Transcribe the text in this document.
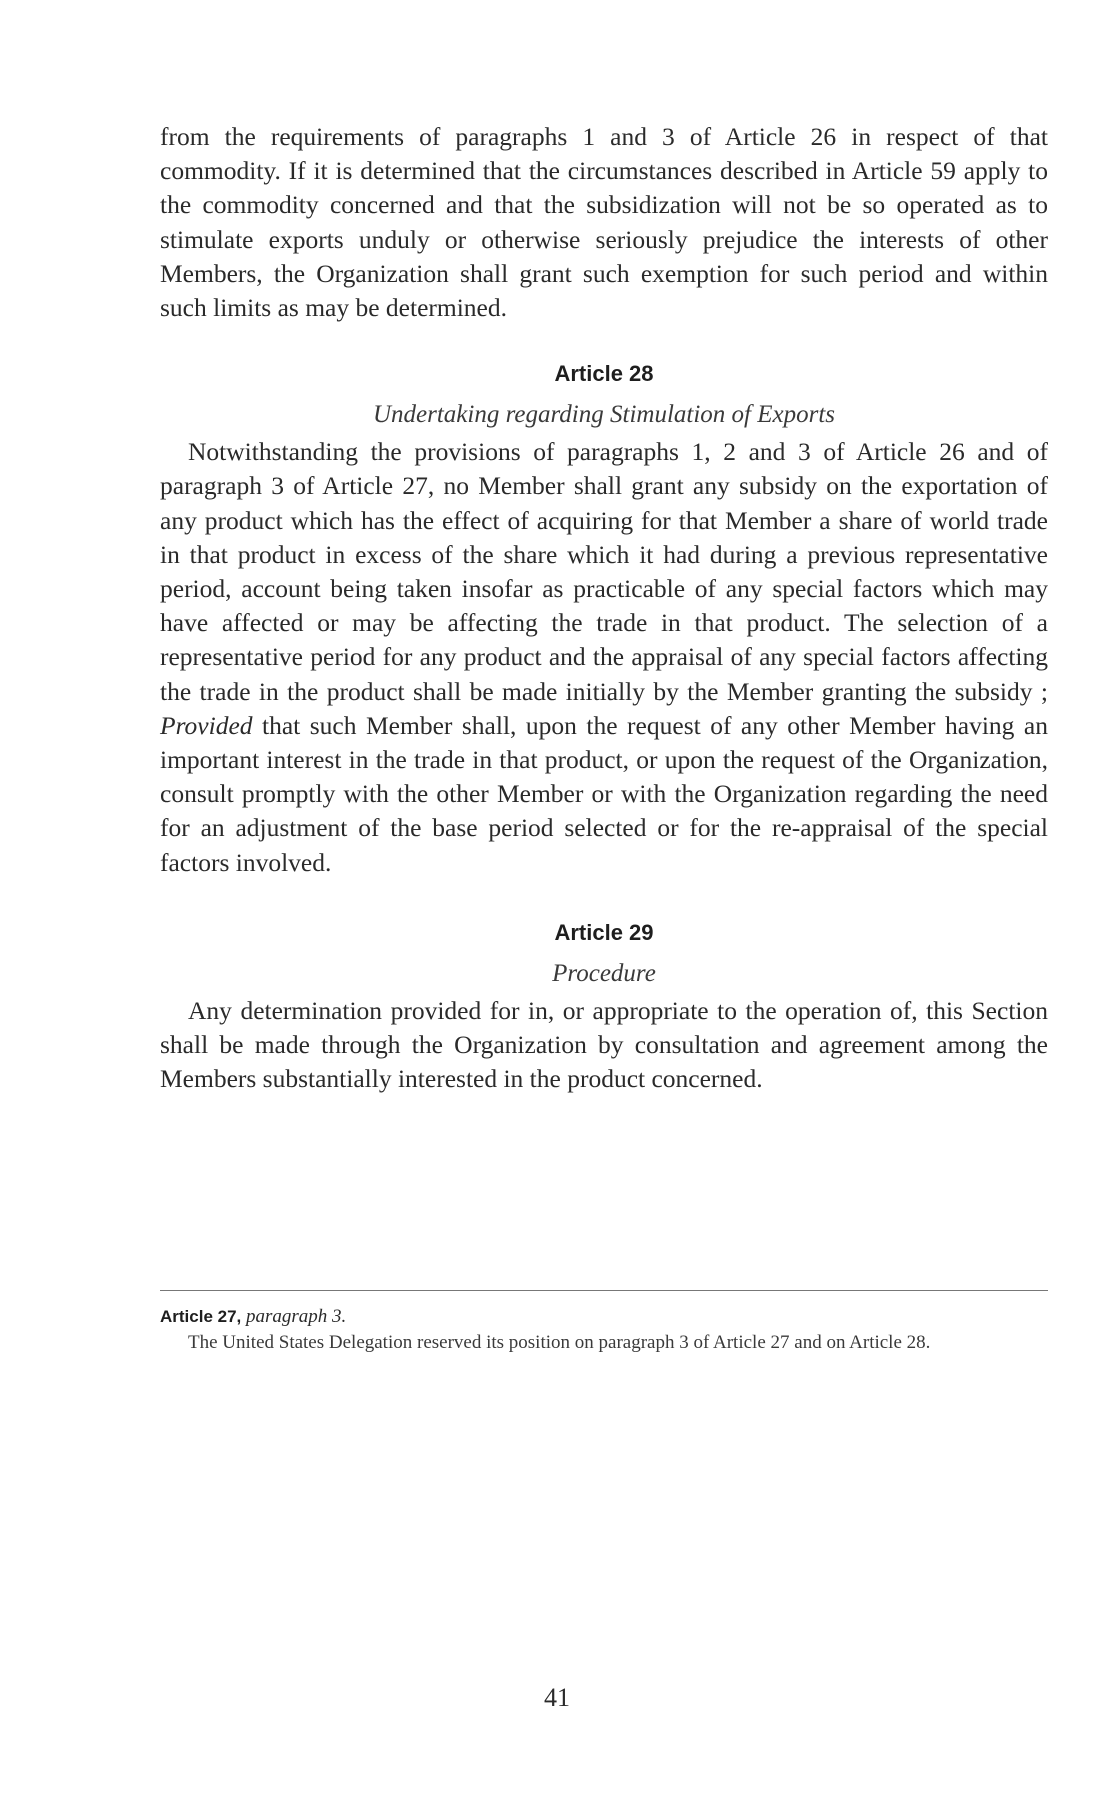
from the requirements of paragraphs 1 and 3 of Article 26 in respect of that commodity. If it is determined that the circumstances described in Article 59 apply to the commodity concerned and that the subsidization will not be so operated as to stimulate exports unduly or otherwise seriously prejudice the interests of other Members, the Organization shall grant such exemption for such period and within such limits as may be determined.

Article 28

Undertaking regarding Stimulation of Exports

Notwithstanding the provisions of paragraphs 1, 2 and 3 of Article 26 and of paragraph 3 of Article 27, no Member shall grant any subsidy on the exportation of any product which has the effect of acquiring for that Member a share of world trade in that product in excess of the share which it had during a previous representative period, account being taken insofar as practicable of any special factors which may have affected or may be affecting the trade in that product. The selection of a representative period for any product and the appraisal of any special factors affecting the trade in the product shall be made initially by the Member granting the subsidy ; Provided that such Member shall, upon the request of any other Member having an important interest in the trade in that product, or upon the request of the Organization, consult promptly with the other Member or with the Organization regarding the need for an adjustment of the base period selected or for the re-appraisal of the special factors involved.

Article 29

Procedure

Any determination provided for in, or appropriate to the operation of, this Section shall be made through the Organization by consultation and agreement among the Members substantially interested in the product concerned.

Article 27, paragraph 3.

The United States Delegation reserved its position on paragraph 3 of Article 27 and on Article 28.

41
